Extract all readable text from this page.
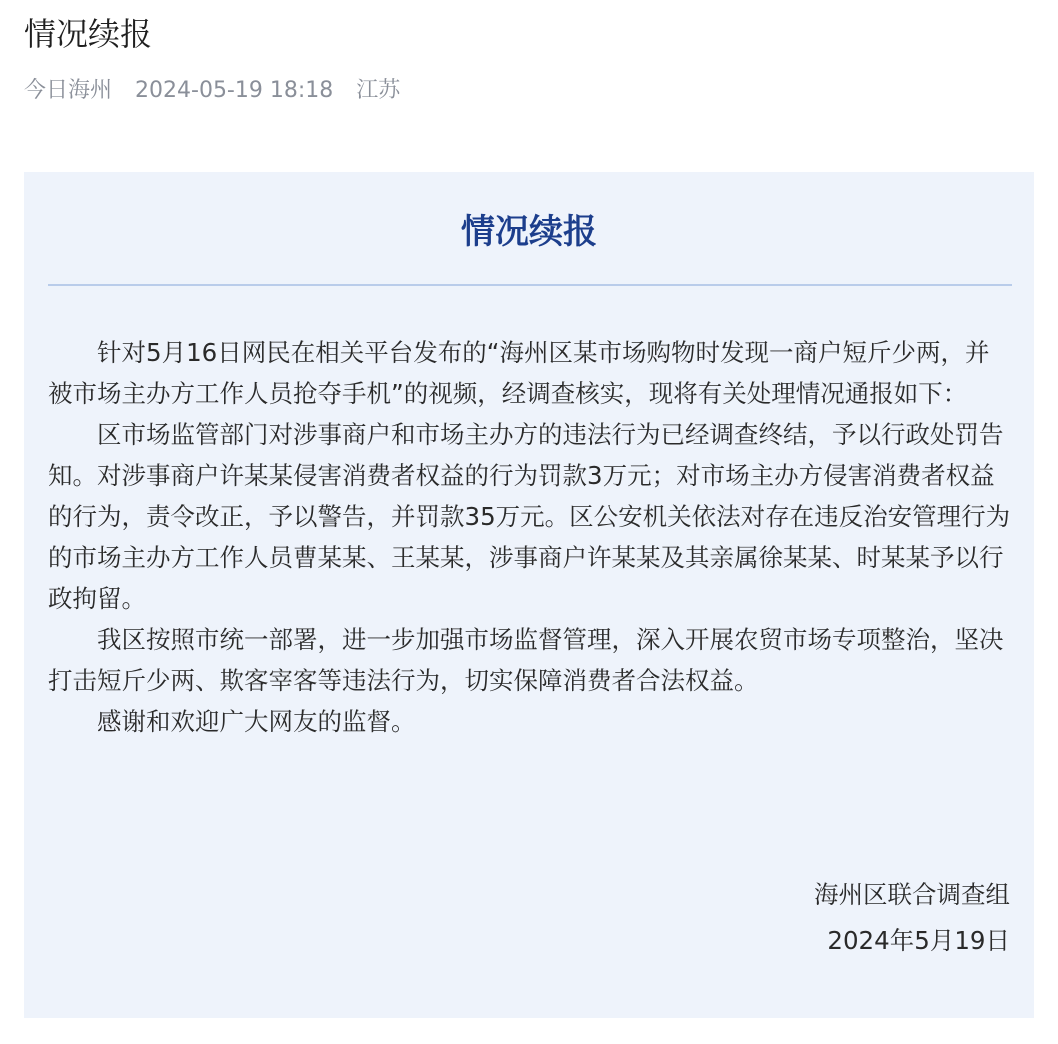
情况续报
今日海州 2024-05-19 18:18 江苏
情况续报

针对5月16日网民在相关平台发布的“海州区某市场购物时发现一商户短斤少两，并被市场主办方工作人员抢夺手机”的视频，经调查核实，现将有关处理情况通报如下：

区市场监管部门对涉事商户和市场主办方的违法行为已经调查终结，予以行政处罚告知。对涉事商户许某某侵害消费者权益的行为罚款3万元；对市场主办方侵害消费者权益的行为，责令改正，予以警告，并罚款35万元。区公安机关依法对存在违反治安管理行为的市场主办方工作人员曹某某、王某某，涉事商户许某某及其亲属徐某某、时某某予以行政拘留。

我区按照市统一部署，进一步加强市场监督管理，深入开展农贸市场专项整治，坚决打击短斤少两、欺客宰客等违法行为，切实保障消费者合法权益。

感谢和欢迎广大网友的监督。

海州区联合调查组
2024年5月19日
